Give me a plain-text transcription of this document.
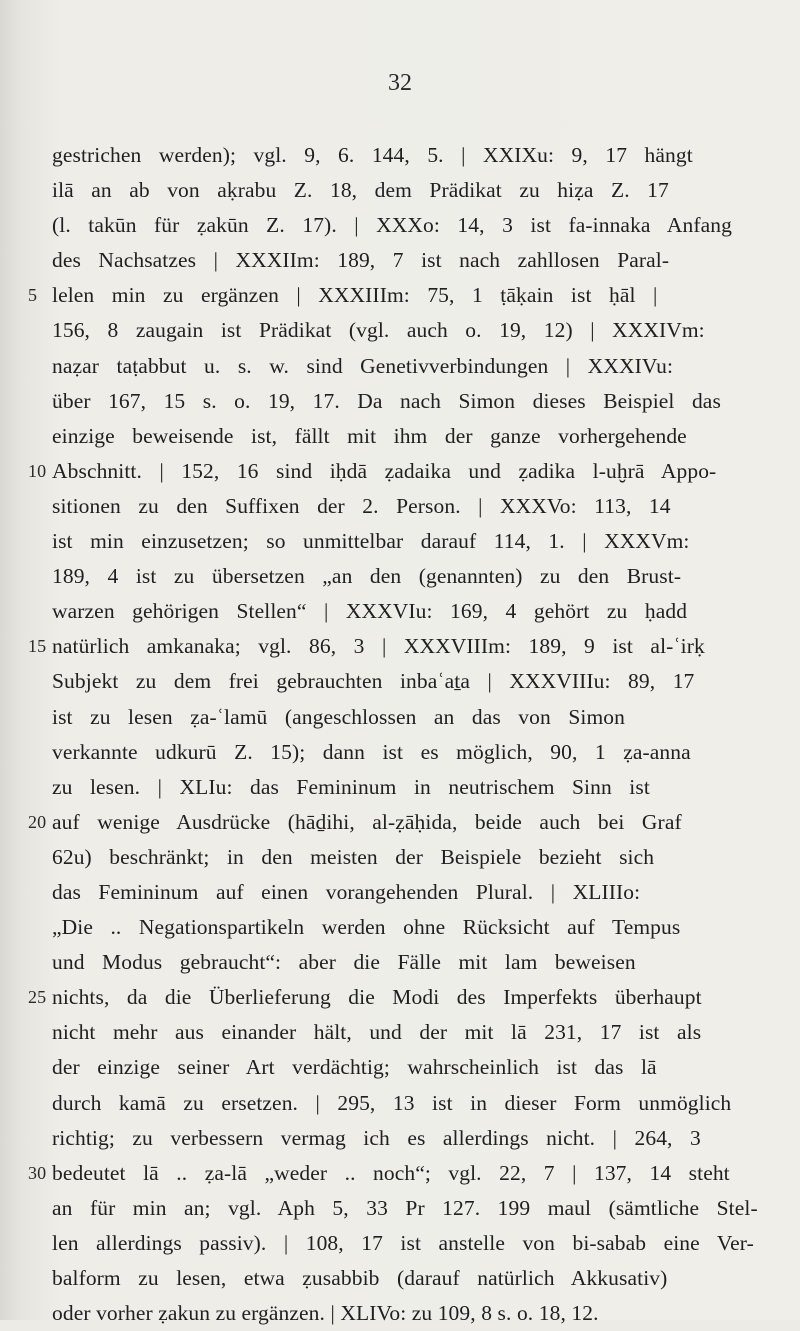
32
gestrichen werden); vgl. 9, 6. 144, 5. | XXIXu: 9, 17 hängt
ilā an ab von aḳrabu Z. 18, dem Prädikat zu hiẓa Z. 17
(l. takūn für ẓakūn Z. 17). | XXXo: 14, 3 ist fa-innaka Anfang
des Nachsatzes | XXXIIm: 189, 7 ist nach zahllosen Paral-
5 lelen min zu ergänzen | XXXIIIm: 75, 1 ṭāḳain ist ḥāl |
156, 8 zaugain ist Prädikat (vgl. auch o. 19, 12) | XXXIVm:
naẓar taṭabbut u. s. w. sind Genetivverbindungen | XXXIVu:
über 167, 15 s. o. 19, 17. Da nach Simon dieses Beispiel das
einzige beweisende ist, fällt mit ihm der ganze vorhergehende
10 Abschnitt. | 152, 16 sind iḥdā ẓadaika und ẓadika l-uḫrā Appo-
sitionen zu den Suffixen der 2. Person. | XXXVo: 113, 14
ist min einzusetzen; so unmittelbar darauf 114, 1. | XXXVm:
189, 4 ist zu übersetzen „an den (genannten) zu den Brust-
warzen gehörigen Stellen“ | XXXVIu: 169, 4 gehört zu ḥadd
15 natürlich amkanaka; vgl. 86, 3 | XXXVIIIm: 189, 9 ist al-ʿirḳ
Subjekt zu dem frei gebrauchten inbaʿaṯa | XXXVIIIu: 89, 17
ist zu lesen ẓa-ʿlamū (angeschlossen an das von Simon
verkannte udkurū Z. 15); dann ist es möglich, 90, 1 ẓa-anna
zu lesen. | XLIu: das Femininum in neutrischem Sinn ist
20 auf wenige Ausdrücke (hāḏihi, al-ẓāḥida, beide auch bei Graf
62u) beschränkt; in den meisten der Beispiele bezieht sich
das Femininum auf einen vorangehenden Plural. | XLIIIo:
„Die .. Negationspartikeln werden ohne Rücksicht auf Tempus
und Modus gebraucht“: aber die Fälle mit lam beweisen
25 nichts, da die Überlieferung die Modi des Imperfekts überhaupt
nicht mehr aus einander hält, und der mit lā 231, 17 ist als
der einzige seiner Art verdächtig; wahrscheinlich ist das lā
durch kamā zu ersetzen. | 295, 13 ist in dieser Form unmöglich
richtig; zu verbessern vermag ich es allerdings nicht. | 264, 3
30 bedeutet lā .. ẓa-lā „weder .. noch“; vgl. 22, 7 | 137, 14 steht
an für min an; vgl. Aph 5, 33 Pr 127. 199 maul (sämtliche Stel-
len allerdings passiv). | 108, 17 ist anstelle von bi-sabab eine Ver-
balform zu lesen, etwa ẓusabbib (darauf natürlich Akkusativ)
oder vorher ẓakun zu ergänzen. | XLIVo: zu 109, 8 s. o. 18, 12.
